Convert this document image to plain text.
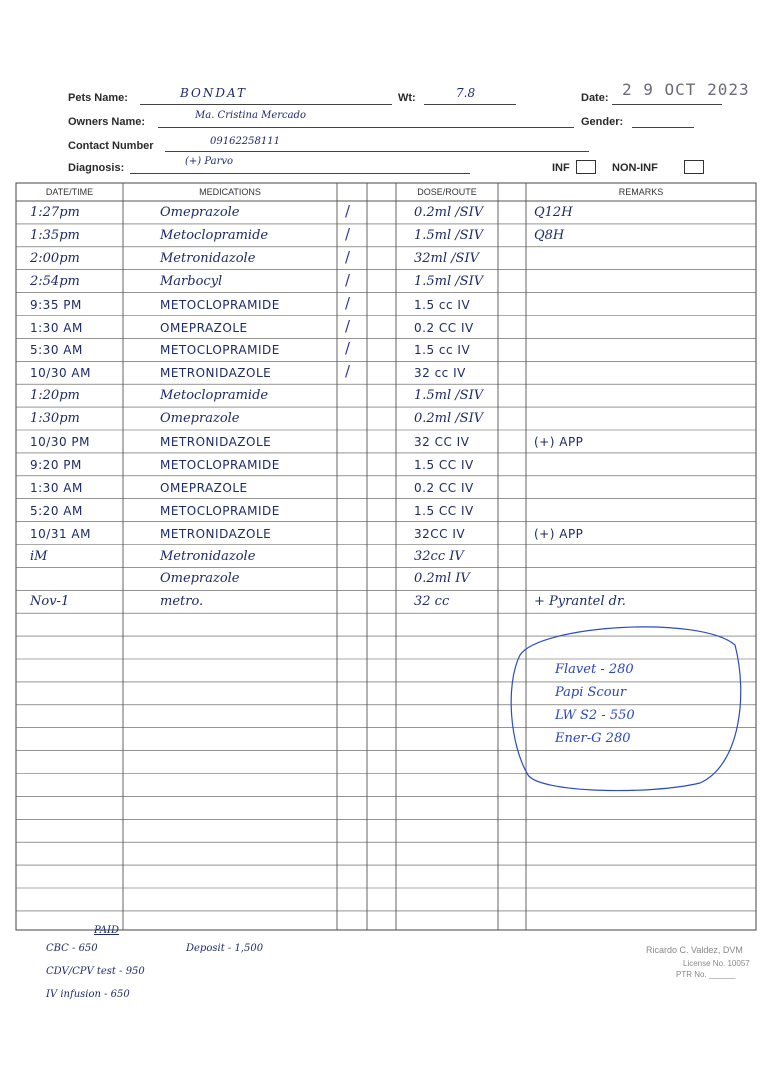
Pets Name:	BONDAT	Wt:	7.8	Date: 2 9 OCT 2023
Owners Name:
Ma. Cristina Mercado
Gender:
Contact Number	09162258111
Diagnosis:
(+) Parvo
INF	NON-INF
DATE/TIME	MEDICATIONS	DOSE/ROUTE	REMARKS
1:27pm	Omeprazole	/	0.2ml /SIV	Q12H
1:35pm	Metoclopramide	/	1.5ml /SIV	Q8H
2:00pm	Metronidazole	/	32ml /SIV
2:54pm	Marbocyl	/	1.5ml /SIV
9:35 PM	METOCLOPRAMIDE	/	1.5 cc IV
1:30 AM	OMEPRAZOLE	/	0.2 CC IV
5:30 AM	METOCLOPRAMIDE	/	1.5 cc IV
10/30 AM	METRONIDAZOLE	/	32 cc IV
1:20pm	Metoclopramide	1.5ml /SIV
1:30pm	Omeprazole	0.2ml /SIV
10/30 PM	METRONIDAZOLE	32 CC IV	(+) APP
9:20 PM	METOCLOPRAMIDE	1.5 CC IV
1:30 AM	OMEPRAZOLE	0.2 CC IV
5:20 AM	METOCLOPRAMIDE	1.5 CC IV
10/31 AM	METRONIDAZOLE	32CC IV	(+) APP
iM	Metronidazole	32cc IV
Omeprazole	0.2ml IV
Nov-1	metro.	32 cc	+ Pyrantel dr.
Flavet - 280
Papi Scour
LW S2 - 550
Ener-G 280
PAID
CBC - 650
CDV/CPV test - 950
IV infusion - 650
Deposit - 1,500	Ricardo C. Valdez, DVM
License No. 10057
PTR No. ______
